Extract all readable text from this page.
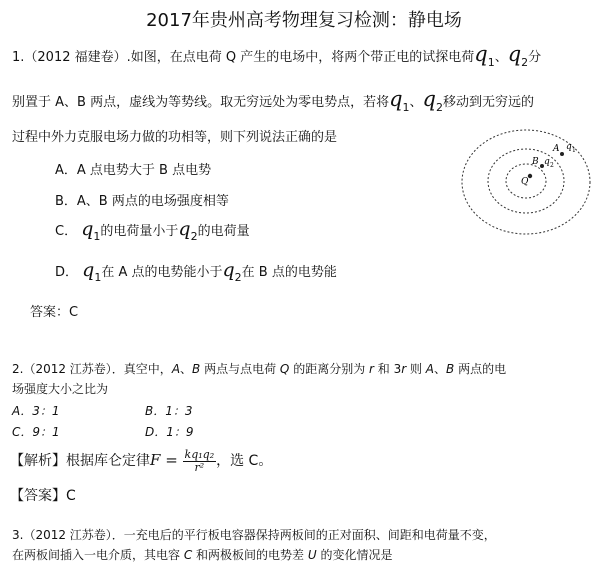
2017年贵州高考物理复习检测：静电场
1.（2012 福建卷）.如图，在点电荷 Q 产生的电场中，将两个带正电的试探电荷$q_1$、$q_2$分
别置于 A、B 两点，虚线为等势线。取无穷远处为零电势点，若将$q_1$、$q_2$移动到无穷远的
过程中外力克服电场力做的功相等，则下列说法正确的是
A．A 点电势大于 B 点电势
B．A、B 两点的电场强度相等
C． $q_1$的电荷量小于$q_2$的电荷量
D． $q_1$在 A 点的电势能小于$q_2$在 B 点的电势能
答案：C
A q 1
B q 2
Q
2.（2012 江苏卷）．真空中，A、B 两点与点电荷 Q 的距离分别为 r 和 3r 则 A、B 两点的电
场强度大小之比为
A．3：1	B．1：3
C．9：1	D．1：9
【解析】根据库仑定律$F = \frac{\text{kq₁q₂}}{\text{r²}}$ ，选 C。
【答案】C
3.（2012 江苏卷）．一充电后的平行板电容器保持两板间的正对面积、间距和电荷量不变，
在两板间插入一电介质，其电容 C 和两极板间的电势差 U 的变化情况是
